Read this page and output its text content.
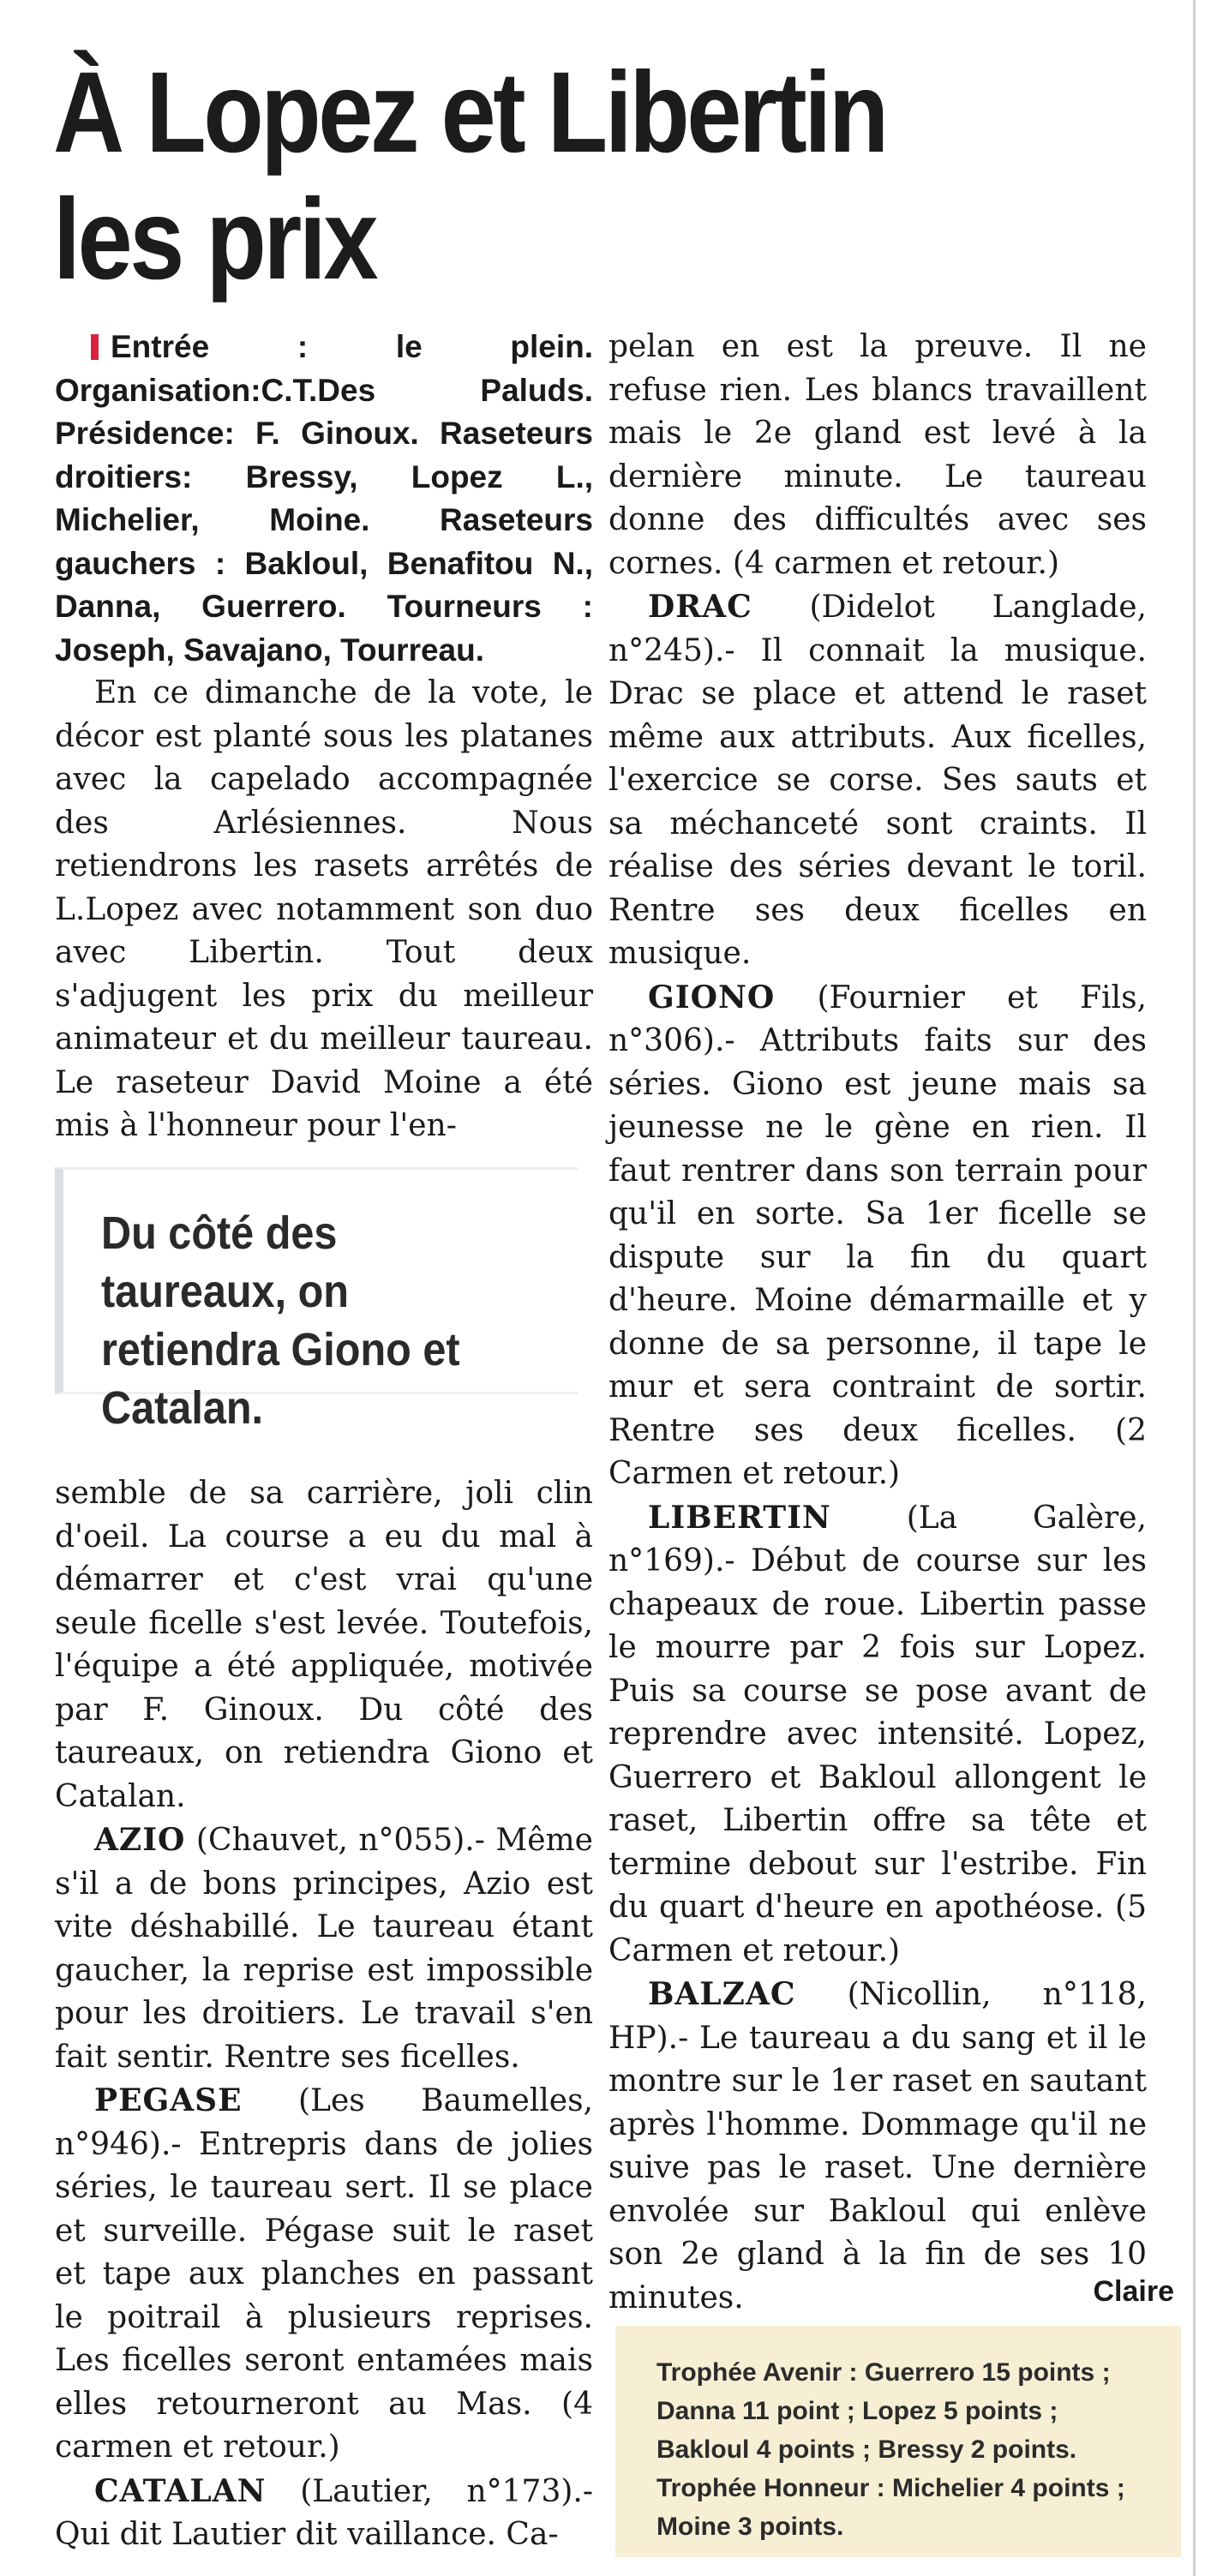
À Lopez et Libertin
les prix

Entrée : le plein. Organisation:C.T.Des Paluds. Présidence: F. Ginoux. Raseteurs droitiers: Bressy, Lopez L., Michelier, Moine. Raseteurs gauchers : Bakloul, Benafitou N., Danna, Guerrero. Tourneurs : Joseph, Savajano, Tourreau.

En ce dimanche de la vote, le décor est planté sous les platanes avec la capelado accompagnée des Arlésiennes. Nous retiendrons les rasets arrêtés de L.Lopez avec notamment son duo avec Libertin. Tout deux s'adjugent les prix du meilleur animateur et du meilleur taureau. Le raseteur David Moine a été mis à l'honneur pour l'en-

Du côté des taureaux, on retiendra Giono et Catalan.

semble de sa carrière, joli clin d'oeil. La course a eu du mal à démarrer et c'est vrai qu'une seule ficelle s'est levée. Toutefois, l'équipe a été appliquée, motivée par F. Ginoux. Du côté des taureaux, on retiendra Giono et Catalan.

AZIO (Chauvet, n°055).- Même s'il a de bons principes, Azio est vite déshabillé. Le taureau étant gaucher, la reprise est impossible pour les droitiers. Le travail s'en fait sentir. Rentre ses ficelles.

PEGASE (Les Baumelles, n°946).- Entrepris dans de jolies séries, le taureau sert. Il se place et surveille. Pégase suit le raset et tape aux planches en passant le poitrail à plusieurs reprises. Les ficelles seront entamées mais elles retourneront au Mas. (4 carmen et retour.)

CATALAN (Lautier, n°173).- Qui dit Lautier dit vaillance. Ca-

pelan en est la preuve. Il ne refuse rien. Les blancs travaillent mais le 2e gland est levé à la dernière minute. Le taureau donne des difficultés avec ses cornes. (4 carmen et retour.)

DRAC (Didelot Langlade, n°245).- Il connait la musique. Drac se place et attend le raset même aux attributs. Aux ficelles, l'exercice se corse. Ses sauts et sa méchanceté sont craints. Il réalise des séries devant le toril. Rentre ses deux ficelles en musique.

GIONO (Fournier et Fils, n°306).- Attributs faits sur des séries. Giono est jeune mais sa jeunesse ne le gène en rien. Il faut rentrer dans son terrain pour qu'il en sorte. Sa 1er ficelle se dispute sur la fin du quart d'heure. Moine démarmaille et y donne de sa personne, il tape le mur et sera contraint de sortir. Rentre ses deux ficelles. (2 Carmen et retour.)

LIBERTIN (La Galère, n°169).- Début de course sur les chapeaux de roue. Libertin passe le mourre par 2 fois sur Lopez. Puis sa course se pose avant de reprendre avec intensité. Lopez, Guerrero et Bakloul allongent le raset, Libertin offre sa tête et termine debout sur l'estribe. Fin du quart d'heure en apothéose. (5 Carmen et retour.)

BALZAC (Nicollin, n°118, HP).- Le taureau a du sang et il le montre sur le 1er raset en sautant après l'homme. Dommage qu'il ne suive pas le raset. Une dernière envolée sur Bakloul qui enlève son 2e gland à la fin de ses 10 minutes.	Claire

Trophée Avenir : Guerrero 15 points ; Danna 11 point ; Lopez 5 points ; Bakloul 4 points ; Bressy 2 points.

Trophée Honneur : Michelier 4 points ; Moine 3 points.
